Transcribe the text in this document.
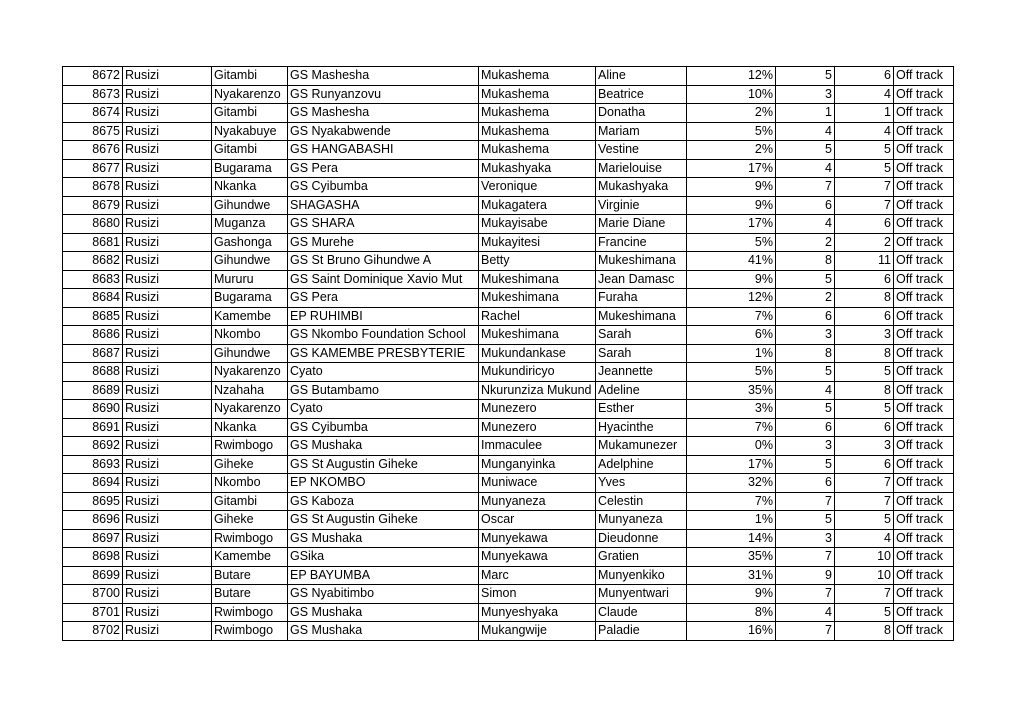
8672	Rusizi	Gitambi	GS Mashesha	Mukashema	Aline	12%	5	6	Off track
8673	Rusizi	Nyakarenzo	GS Runyanzovu	Mukashema	Beatrice	10%	3	4	Off track
8674	Rusizi	Gitambi	GS Mashesha	Mukashema	Donatha	2%	1	1	Off track
8675	Rusizi	Nyakabuye	GS Nyakabwende	Mukashema	Mariam	5%	4	4	Off track
8676	Rusizi	Gitambi	GS HANGABASHI	Mukashema	Vestine	2%	5	5	Off track
8677	Rusizi	Bugarama	GS Pera	Mukashyaka	Marielouise	17%	4	5	Off track
8678	Rusizi	Nkanka	GS Cyibumba	Veronique	Mukashyaka	9%	7	7	Off track
8679	Rusizi	Gihundwe	SHAGASHA	Mukagatera	Virginie	9%	6	7	Off track
8680	Rusizi	Muganza	GS SHARA	Mukayisabe	Marie Diane	17%	4	6	Off track
8681	Rusizi	Gashonga	GS Murehe	Mukayitesi	Francine	5%	2	2	Off track
8682	Rusizi	Gihundwe	GS St Bruno Gihundwe A	Betty	Mukeshimana	41%	8	11	Off track
8683	Rusizi	Mururu	GS Saint Dominique Xavio Mut	Mukeshimana	Jean Damasc	9%	5	6	Off track
8684	Rusizi	Bugarama	GS Pera	Mukeshimana	Furaha	12%	2	8	Off track
8685	Rusizi	Kamembe	EP RUHIMBI	Rachel	Mukeshimana	7%	6	6	Off track
8686	Rusizi	Nkombo	GS Nkombo Foundation School	Mukeshimana	Sarah	6%	3	3	Off track
8687	Rusizi	Gihundwe	GS KAMEMBE PRESBYTERIE	Mukundankase	Sarah	1%	8	8	Off track
8688	Rusizi	Nyakarenzo	Cyato	Mukundiricyo	Jeannette	5%	5	5	Off track
8689	Rusizi	Nzahaha	GS Butambamo	Nkurunziza Mukund	Adeline	35%	4	8	Off track
8690	Rusizi	Nyakarenzo	Cyato	Munezero	Esther	3%	5	5	Off track
8691	Rusizi	Nkanka	GS Cyibumba	Munezero	Hyacinthe	7%	6	6	Off track
8692	Rusizi	Rwimbogo	GS Mushaka	Immaculee	Mukamunezer	0%	3	3	Off track
8693	Rusizi	Giheke	GS St Augustin Giheke	Munganyinka	Adelphine	17%	5	6	Off track
8694	Rusizi	Nkombo	EP NKOMBO	Muniwace	Yves	32%	6	7	Off track
8695	Rusizi	Gitambi	GS Kaboza	Munyaneza	Celestin	7%	7	7	Off track
8696	Rusizi	Giheke	GS St Augustin Giheke	Oscar	Munyaneza	1%	5	5	Off track
8697	Rusizi	Rwimbogo	GS Mushaka	Munyekawa	Dieudonne	14%	3	4	Off track
8698	Rusizi	Kamembe	GSika	Munyekawa	Gratien	35%	7	10	Off track
8699	Rusizi	Butare	EP BAYUMBA	Marc	Munyenkiko	31%	9	10	Off track
8700	Rusizi	Butare	GS Nyabitimbo	Simon	Munyentwari	9%	7	7	Off track
8701	Rusizi	Rwimbogo	GS Mushaka	Munyeshyaka	Claude	8%	4	5	Off track
8702	Rusizi	Rwimbogo	GS Mushaka	Mukangwije	Paladie	16%	7	8	Off track
